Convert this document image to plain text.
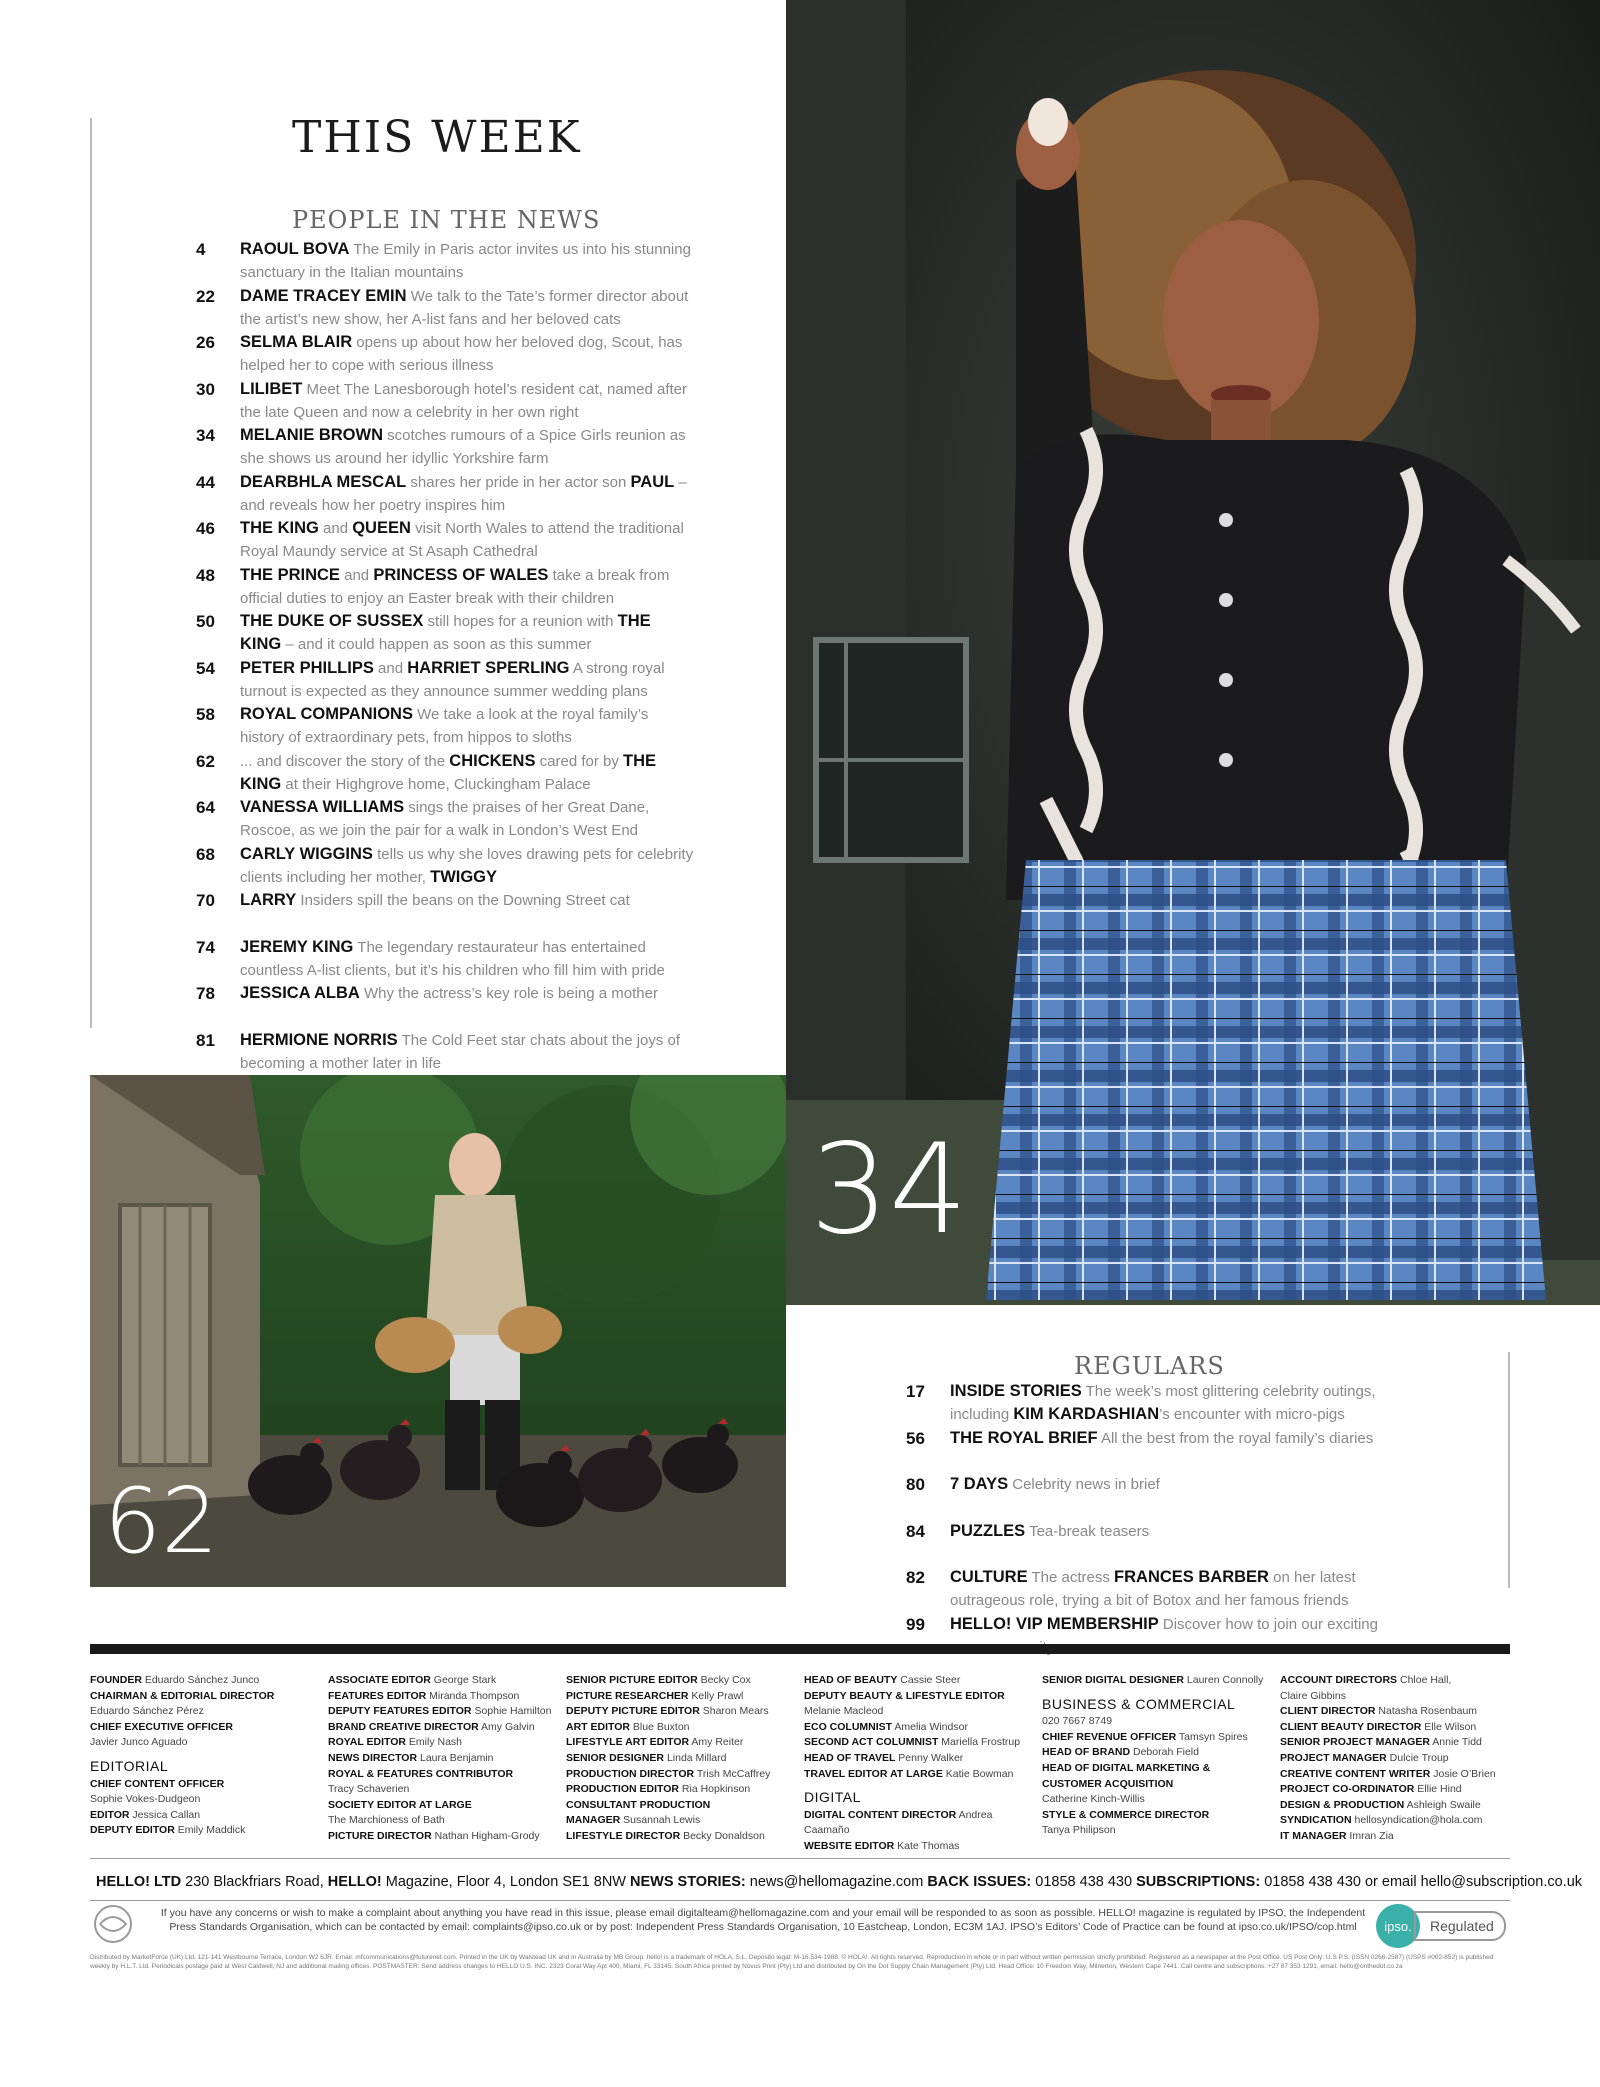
THIS WEEK
PEOPLE IN THE NEWS
4	RAOUL BOVA The Emily in Paris actor invites us into his stunning sanctuary in the Italian mountains
22	DAME TRACEY EMIN We talk to the Tate’s former director about the artist’s new show, her A-list fans and her beloved cats
26	SELMA BLAIR opens up about how her beloved dog, Scout, has helped her to cope with serious illness
30	LILIBET Meet The Lanesborough hotel’s resident cat, named after the late Queen and now a celebrity in her own right
34	MELANIE BROWN scotches rumours of a Spice Girls reunion as she shows us around her idyllic Yorkshire farm
44	DEARBHLA MESCAL shares her pride in her actor son PAUL – and reveals how her poetry inspires him
46	THE KING and QUEEN visit North Wales to attend the traditional Royal Maundy service at St Asaph Cathedral
48	THE PRINCE and PRINCESS OF WALES take a break from official duties to enjoy an Easter break with their children
50	THE DUKE OF SUSSEX still hopes for a reunion with THE KING – and it could happen as soon as this summer
54	PETER PHILLIPS and HARRIET SPERLING A strong royal turnout is expected as they announce summer wedding plans
58	ROYAL COMPANIONS We take a look at the royal family’s history of extraordinary pets, from hippos to sloths
62	... and discover the story of the CHICKENS cared for by THE KING at their Highgrove home, Cluckingham Palace
64	VANESSA WILLIAMS sings the praises of her Great Dane, Roscoe, as we join the pair for a walk in London’s West End
68	CARLY WIGGINS tells us why she loves drawing pets for celebrity clients including her mother, TWIGGY
70	LARRY Insiders spill the beans on the Downing Street cat
74	JEREMY KING The legendary restaurateur has entertained countless A-list clients, but it’s his children who fill him with pride
78	JESSICA ALBA Why the actress’s key role is being a mother
81	HERMIONE NORRIS The Cold Feet star chats about the joys of becoming a mother later in life
34
62
REGULARS
17	INSIDE STORIES The week’s most glittering celebrity outings, including KIM KARDASHIAN’s encounter with micro-pigs
56	THE ROYAL BRIEF All the best from the royal family’s diaries
80	7 DAYS Celebrity news in brief
84	PUZZLES Tea-break teasers
82	CULTURE The actress FRANCES BARBER on her latest outrageous role, trying a bit of Botox and her famous friends
99	HELLO! VIP MEMBERSHIP Discover how to join our exciting
FOUNDER Eduardo Sánchez Junco
CHAIRMAN & EDITORIAL DIRECTOR
Eduardo Sánchez Pérez
CHIEF EXECUTIVE OFFICER
Javier Junco Aguado
EDITORIAL
CHIEF CONTENT OFFICER
Sophie Vokes-Dudgeon
EDITOR Jessica Callan
DEPUTY EDITOR Emily Maddick
ASSOCIATE EDITOR George Stark
FEATURES EDITOR Miranda Thompson
DEPUTY FEATURES EDITOR Sophie Hamilton
BRAND CREATIVE DIRECTOR Amy Galvin
ROYAL EDITOR Emily Nash
NEWS DIRECTOR Laura Benjamin
ROYAL & FEATURES CONTRIBUTOR
Tracy Schaverien
SOCIETY EDITOR AT LARGE
The Marchioness of Bath
PICTURE DIRECTOR Nathan Higham-Grody
SENIOR PICTURE EDITOR Becky Cox
PICTURE RESEARCHER Kelly Prawl
DEPUTY PICTURE EDITOR Sharon Mears
ART EDITOR Blue Buxton
LIFESTYLE ART EDITOR Amy Reiter
SENIOR DESIGNER Linda Millard
PRODUCTION DIRECTOR Trish McCaffrey
PRODUCTION EDITOR Ria Hopkinson
CONSULTANT PRODUCTION
MANAGER Susannah Lewis
LIFESTYLE DIRECTOR Becky Donaldson
HEAD OF BEAUTY Cassie Steer
DEPUTY BEAUTY & LIFESTYLE EDITOR
Melanie Macleod
ECO COLUMNIST Amelia Windsor
SECOND ACT COLUMNIST Mariella Frostrup
HEAD OF TRAVEL Penny Walker
TRAVEL EDITOR AT LARGE Katie Bowman
DIGITAL
DIGITAL CONTENT DIRECTOR Andrea Caamaño
WEBSITE EDITOR Kate Thomas
SENIOR DIGITAL DESIGNER Lauren Connolly
BUSINESS & COMMERCIAL
020 7667 8749
CHIEF REVENUE OFFICER Tamsyn Spires
HEAD OF BRAND Deborah Field
HEAD OF DIGITAL MARKETING &
CUSTOMER ACQUISITION
Catherine Kinch-Willis
STYLE & COMMERCE DIRECTOR
Tanya Philipson
ACCOUNT DIRECTORS Chloe Hall,
Claire Gibbins
CLIENT DIRECTOR Natasha Rosenbaum
CLIENT BEAUTY DIRECTOR Elle Wilson
SENIOR PROJECT MANAGER Annie Tidd
PROJECT MANAGER Dulcie Troup
CREATIVE CONTENT WRITER Josie O’Brien
PROJECT CO-ORDINATOR Ellie Hind
DESIGN & PRODUCTION Ashleigh Swaile
SYNDICATION hellosyndication@hola.com
IT MANAGER Imran Zia
HELLO! LTD 230 Blackfriars Road, HELLO! Magazine, Floor 4, London SE1 8NW NEWS STORIES: news@hellomagazine.com BACK ISSUES: 01858 438 430 SUBSCRIPTIONS: 01858 438 430 or email hello@subscription.co.uk
If you have any concerns or wish to make a complaint about anything you have read in this issue, please email digitalteam@hellomagazine.com and your email will be responded to as soon as possible. HELLO! magazine is regulated by IPSO, the Independent Press Standards Organisation, which can be contacted by email: complaints@ipso.co.uk or by post: Independent Press Standards Organisation, 10 Eastcheap, London, EC3M 1AJ. IPSO’s Editors’ Code of Practice can be found at ipso.co.uk/IPSO/cop.html	ipso.	Regulated
Distributed by MarketForce (UK) Ltd, 121-141 Westbourne Terrace, London W2 6JR. Email: mfcommunications@futurenet.com. Printed in the UK by Walstead UK and in Australia by MB Group. hello! is a trademark of HOLA, S.L. Deposito legal: M-16.534-1988. © HOLA!. All rights reserved. Reproduction in whole or in part without written permission strictly prohibited. Registered as a newspaper at the Post Office. US Post Only: U.S.P.S. (ISSN 0266-2587) (USPS #002-852) is published weekly by H.L.T. Ltd. Periodicals postage paid at West Caldwell, NJ and additional mailing offices. POSTMASTER: Send address changes to HELLO U.S. INC. 2323 Coral Way Apt 400, Miami, FL 33145. South Africa printed by Novus Print (Pty) Ltd and distributed by On the Dot Supply Chain Management (Pty) Ltd. Head Office: 10 Freedom Way, Milnerton, Western Cape 7441. Call centre and subscriptions: +27 87 353 1291, email: hello@onthedot.co.za
